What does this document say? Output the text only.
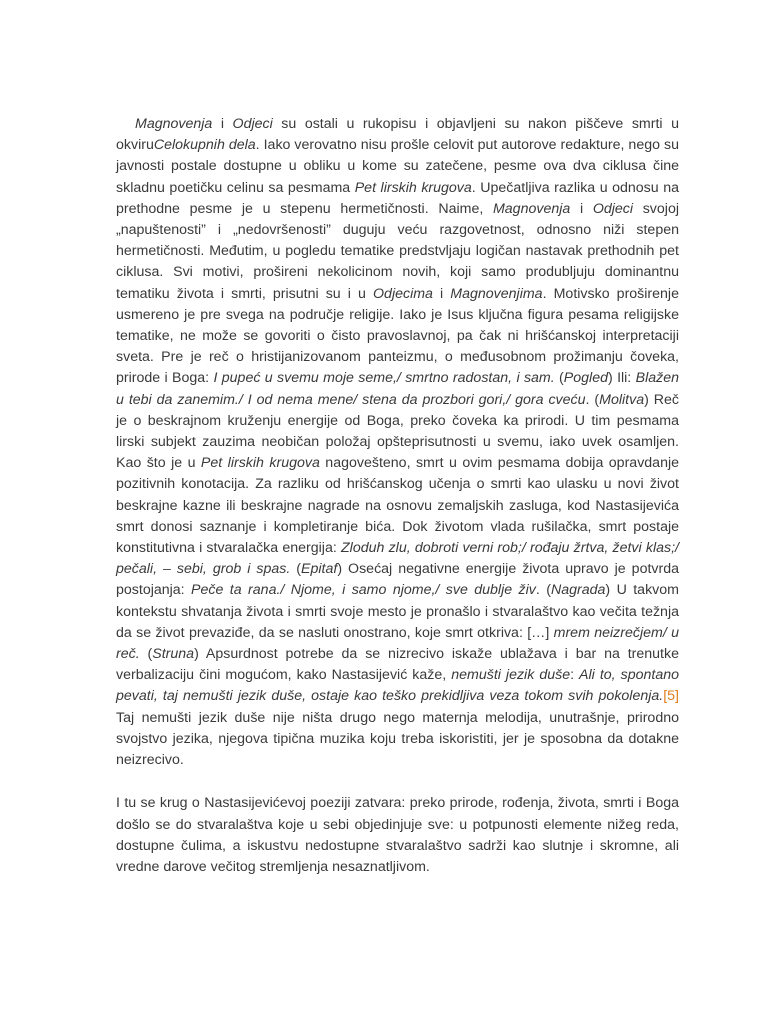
Magnovenja i Odjeci su ostali u rukopisu i objavljeni su nakon piščeve smrti u okviruCelokupnih dela. Iako verovatno nisu prošle celovit put autorove redakture, nego su javnosti postale dostupne u obliku u kome su zatečene, pesme ova dva ciklusa čine skladnu poetičku celinu sa pesmama Pet lirskih krugova. Upečatljiva razlika u odnosu na prethodne pesme je u stepenu hermetičnosti. Naime, Magnovenja i Odjeci svojoj „napuštenosti” i „nedovršenosti” duguju veću razgovetnost, odnosno niži stepen hermetičnosti. Međutim, u pogledu tematike predstvljaju logičan nastavak prethodnih pet ciklusa. Svi motivi, prošireni nekolicinom novih, koji samo produbljuju dominantnu tematiku života i smrti, prisutni su i u Odjecima i Magnovenjima. Motivsko proširenje usmereno je pre svega na područje religije. Iako je Isus ključna figura pesama religijske tematike, ne može se govoriti o čisto pravoslavnoj, pa čak ni hrišćanskoj interpretaciji sveta. Pre je reč o hristijanizovanom panteizmu, o međusobnom prožimanju čoveka, prirode i Boga: I pupeć u svemu moje seme,/ smrtno radostan, i sam. (Pogled) Ili: Blažen u tebi da zanemim./ I od nema mene/ stena da prozbori gori,/ gora cveću. (Molitva) Reč je o beskrajnom kruženju energije od Boga, preko čoveka ka prirodi. U tim pesmama lirski subjekt zauzima neobičan položaj opšteprisutnosti u svemu, iako uvek osamljen. Kao što je u Pet lirskih krugova nagovešteno, smrt u ovim pesmama dobija opravdanje pozitivnih konotacija. Za razliku od hrišćanskog učenja o smrti kao ulasku u novi život beskrajne kazne ili beskrajne nagrade na osnovu zemaljskih zasluga, kod Nastasijevića smrt donosi saznanje i kompletiranje bića. Dok životom vlada rušilačka, smrt postaje konstitutivna i stvaralačka energija: Zloduh zlu, dobroti verni rob;/ rođaju žrtva, žetvi klas;/ pečali, – sebi, grob i spas. (Epitaf) Osećaj negativne energije života upravo je potvrda postojanja: Peče ta rana./ Njome, i samo njome,/ sve dublje živ. (Nagrada) U takvom kontekstu shvatanja života i smrti svoje mesto je pronašlo i stvaralaštvo kao večita težnja da se život prevaziđe, da se nasluti onostrano, koje smrt otkriva: […] mrem neizrečjem/ u reč. (Struna) Apsurdnost potrebe da se nizrecivo iskaže ublažava i bar na trenutke verbalizaciju čini mogućom, kako Nastasijević kaže, nemušti jezik duše: Ali to, spontano pevati, taj nemušti jezik duše, ostaje kao teško prekidljiva veza tokom svih pokolenja.[5] Taj nemušti jezik duše nije ništa drugo nego maternja melodija, unutrašnje, prirodno svojstvo jezika, njegova tipična muzika koju treba iskoristiti, jer je sposobna da dotakne neizrecivo.

I tu se krug o Nastasijevićevoj poeziji zatvara: preko prirode, rođenja, života, smrti i Boga došlo se do stvaralaštva koje u sebi objedinjuje sve: u potpunosti elemente nižeg reda, dostupne čulima, a iskustvu nedostupne stvaralaštvo sadrži kao slutnje i skromne, ali vredne darove večitog stremljenja nesaznatljivom.
